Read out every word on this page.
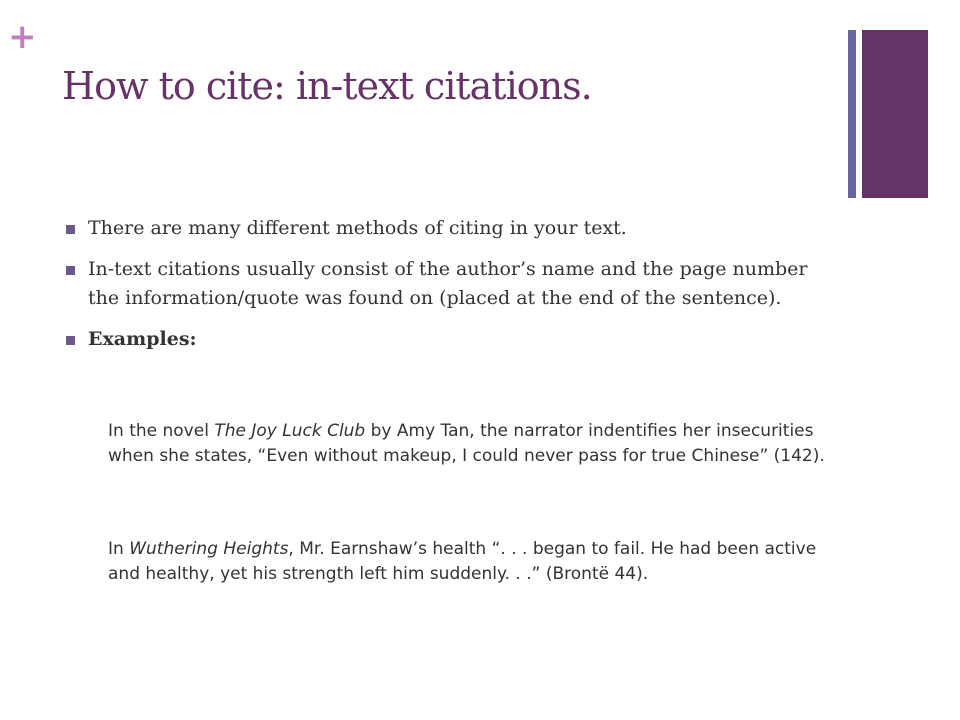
+
How to cite: in-text citations.
There are many different methods of citing in your text.
In-text citations usually consist of the author’s name and the page number the information/quote was found on (placed at the end of the sentence).
Examples:

In the novel The Joy Luck Club by Amy Tan, the narrator indentifies her insecurities when she states, “Even without makeup, I could never pass for true Chinese” (142).

In Wuthering Heights, Mr. Earnshaw’s health “. . . began to fail. He had been active and healthy, yet his strength left him suddenly. . .” (Brontë 44).
